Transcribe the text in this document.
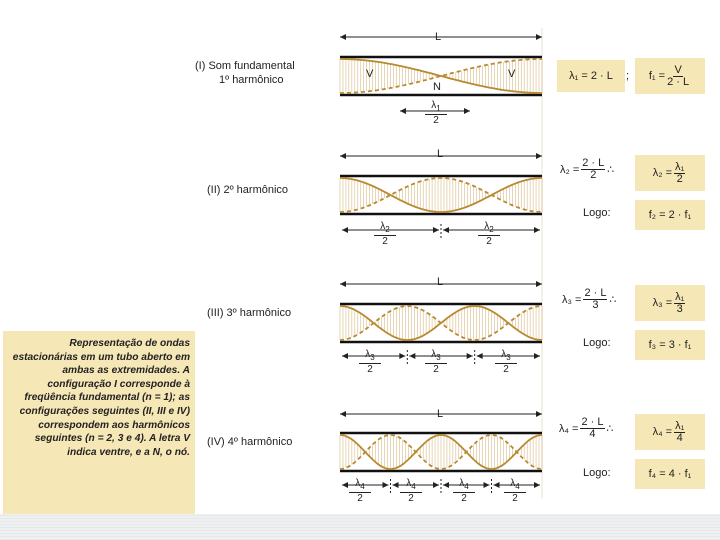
Representação de ondas estacionárias em um tubo aberto em ambas as extremidades. A configuração I corresponde à freqüência fundamental (n = 1); as configurações seguintes (II, III e IV) correspondem aos harmônicos seguintes (n = 2, 3 e 4). A letra V indica ventre, e a N, o nó.
(I) Som fundamental
1º harmônico	V	V
N
λ₁ = 2 · L ; $f_1 = \frac{V}{2 \cdot L}$
(II) 2º harmônico
$\lambda_2 = \frac{2 \cdot L}{2}$ ∴	$\lambda_2 = \frac{\text{λ₁}}{2}$
Logo:	f₂ = 2 · f₁
(III) 3º harmônico
$\lambda_3 = \frac{2 \cdot L}{3}$ ∴	$\lambda_3 = \frac{\text{λ₁}}{3}$
Logo:	f₃ = 3 · f₁
(IV) 4º harmônico
$\lambda_4 = \frac{2 \cdot L}{4}$ ∴	$\lambda_4 = \frac{\text{λ₁}}{4}$
Logo:	f₄ = 4 · f₁
L
L
L
L
$\lambda_1$
2
$\lambda_2$
2
$\lambda_2$
2
$\lambda_3$
2
$\lambda_3$
2
$\lambda_3$
2
$\lambda_4$
2
$\lambda_4$
2
$\lambda_4$
2
$\lambda_4$
2
